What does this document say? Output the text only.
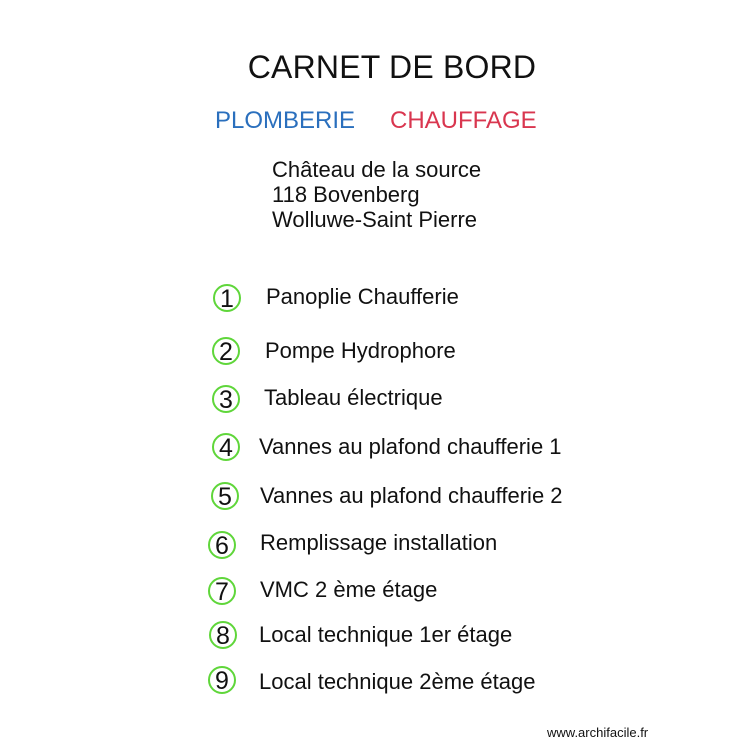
CARNET DE BORD
PLOMBERIE CHAUFFAGE
Château de la source
118 Bovenberg
Wolluwe-Saint Pierre
1	Panoplie Chaufferie
2	Pompe Hydrophore
3	Tableau électrique
4	Vannes au plafond chaufferie 1
5	Vannes au plafond chaufferie 2
6	Remplissage installation
7	VMC 2 ème étage
8	Local technique 1er étage
9	Local technique 2ème étage
www.archifacile.fr
